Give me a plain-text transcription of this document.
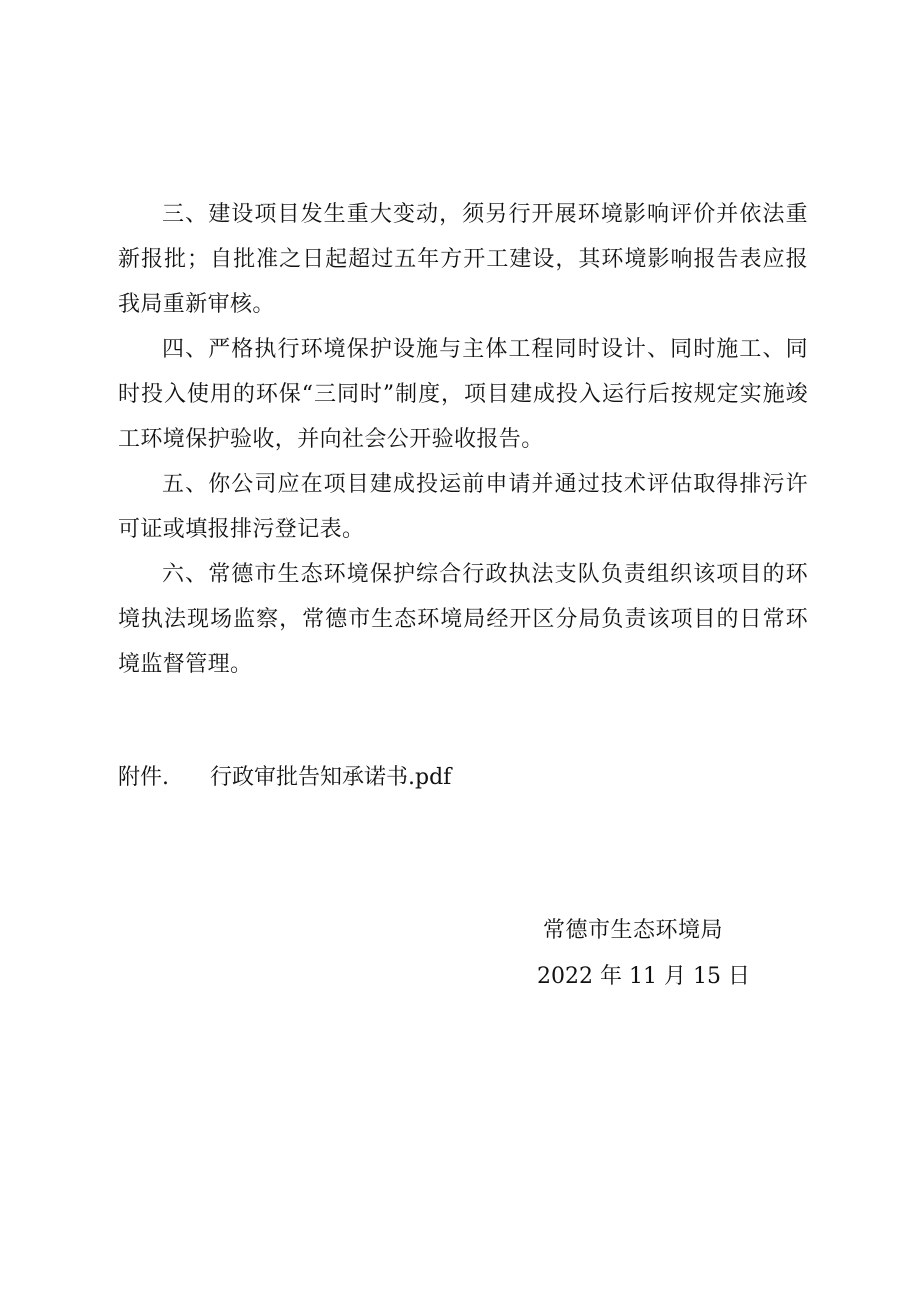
三、建设项目发生重大变动，须另行开展环境影响评价并依法重新报批；自批准之日起超过五年方开工建设，其环境影响报告表应报我局重新审核。

四、严格执行环境保护设施与主体工程同时设计、同时施工、同时投入使用的环保“三同时”制度，项目建成投入运行后按规定实施竣工环境保护验收，并向社会公开验收报告。

五、你公司应在项目建成投运前申请并通过技术评估取得排污许可证或填报排污登记表。

六、常德市生态环境保护综合行政执法支队负责组织该项目的环境执法现场监察，常德市生态环境局经开区分局负责该项目的日常环境监督管理。

附件. 行政审批告知承诺书.pdf
常德市生态环境局
2022 年 11 月 15 日
